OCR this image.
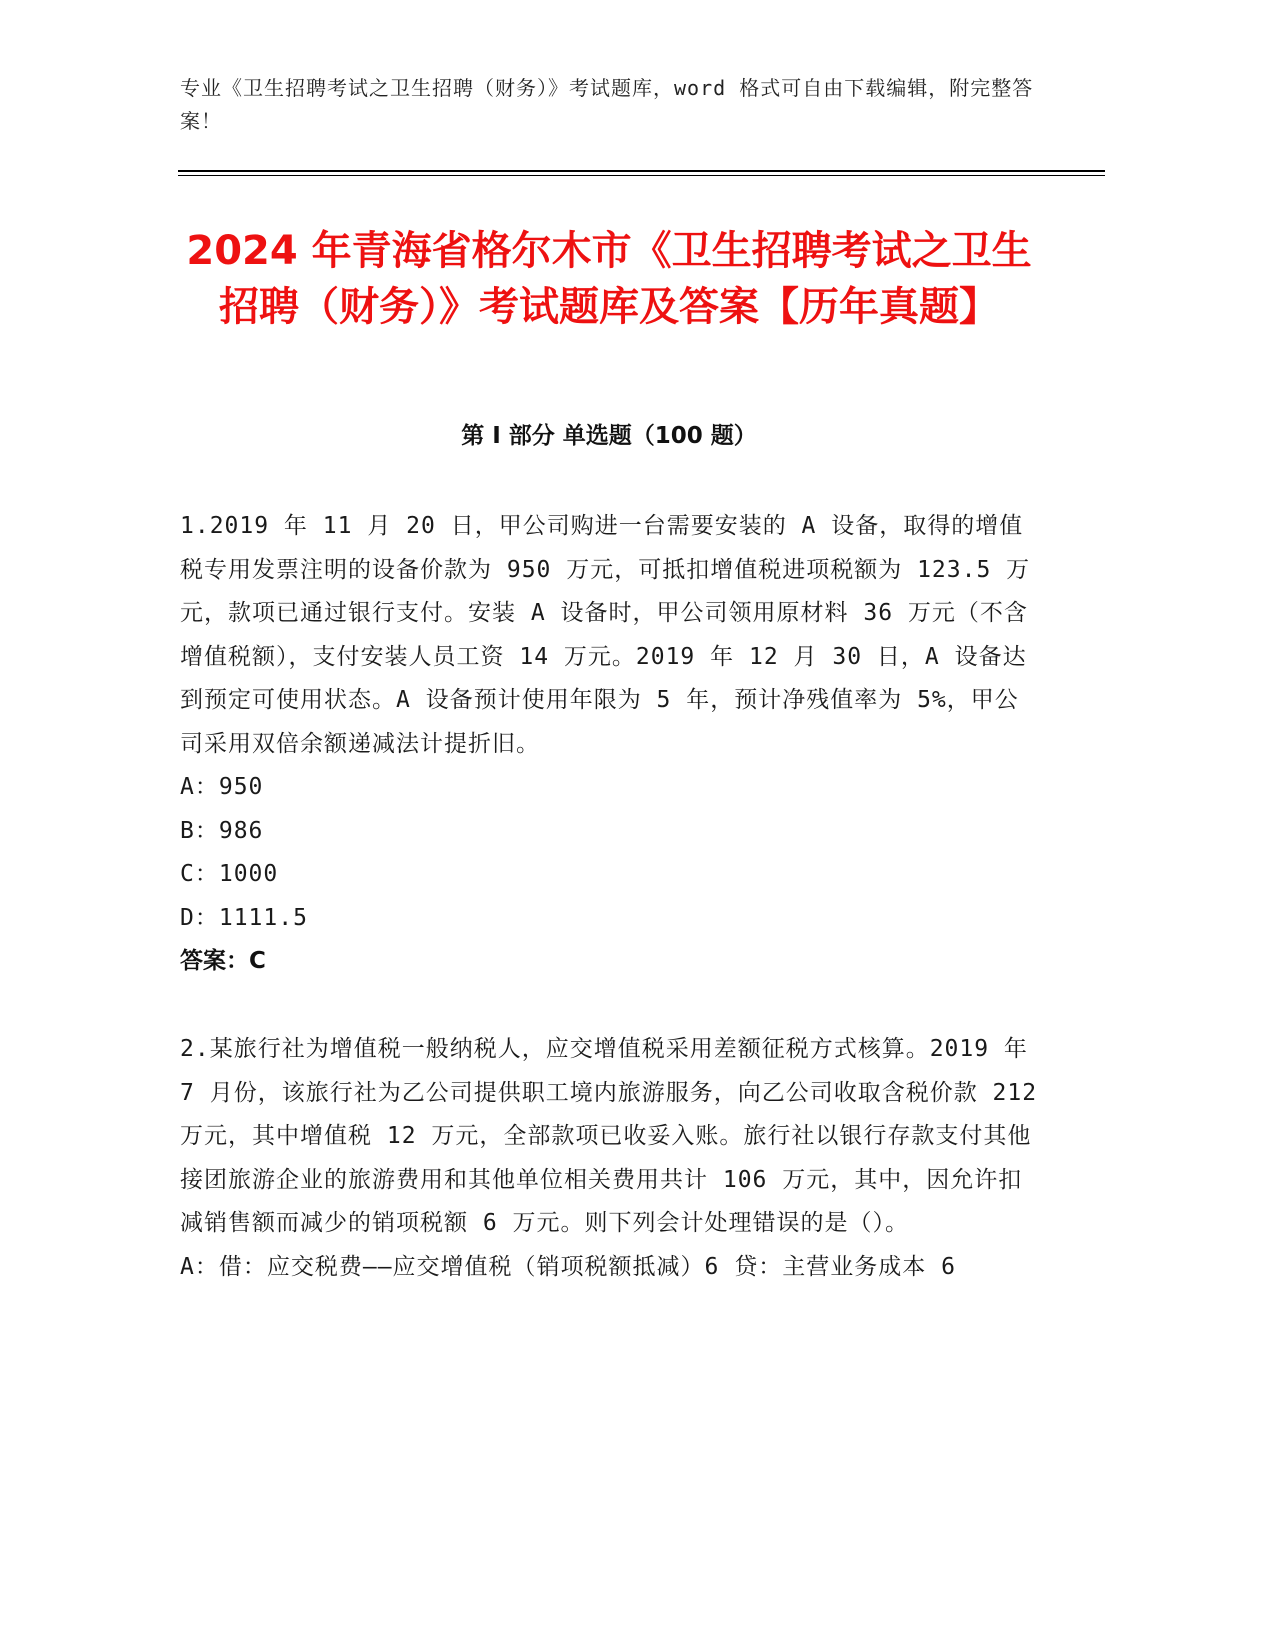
专业《卫生招聘考试之卫生招聘（财务）》考试题库，word 格式可自由下载编辑，附完整答案！
2024 年青海省格尔木市《卫生招聘考试之卫生招聘（财务）》考试题库及答案【历年真题】
第 I 部分 单选题（100 题）

1.2019 年 11 月 20 日，甲公司购进一台需要安装的 A 设备，取得的增值税专用发票注明的设备价款为 950 万元，可抵扣增值税进项税额为 123.5 万元，款项已通过银行支付。安装 A 设备时，甲公司领用原材料 36 万元（不含增值税额），支付安装人员工资 14 万元。2019 年 12 月 30 日，A 设备达到预定可使用状态。A 设备预计使用年限为 5 年，预计净残值率为 5%，甲公司采用双倍余额递减法计提折旧。

A：950

B：986

C：1000

D：1111.5

答案：C

2.某旅行社为增值税一般纳税人，应交增值税采用差额征税方式核算。2019 年 7 月份，该旅行社为乙公司提供职工境内旅游服务，向乙公司收取含税价款 212 万元，其中增值税 12 万元，全部款项已收妥入账。旅行社以银行存款支付其他接团旅游企业的旅游费用和其他单位相关费用共计 106 万元，其中，因允许扣减销售额而减少的销项税额 6 万元。则下列会计处理错误的是（）。

A：借：应交税费——应交增值税（销项税额抵减）6 贷：主营业务成本 6
